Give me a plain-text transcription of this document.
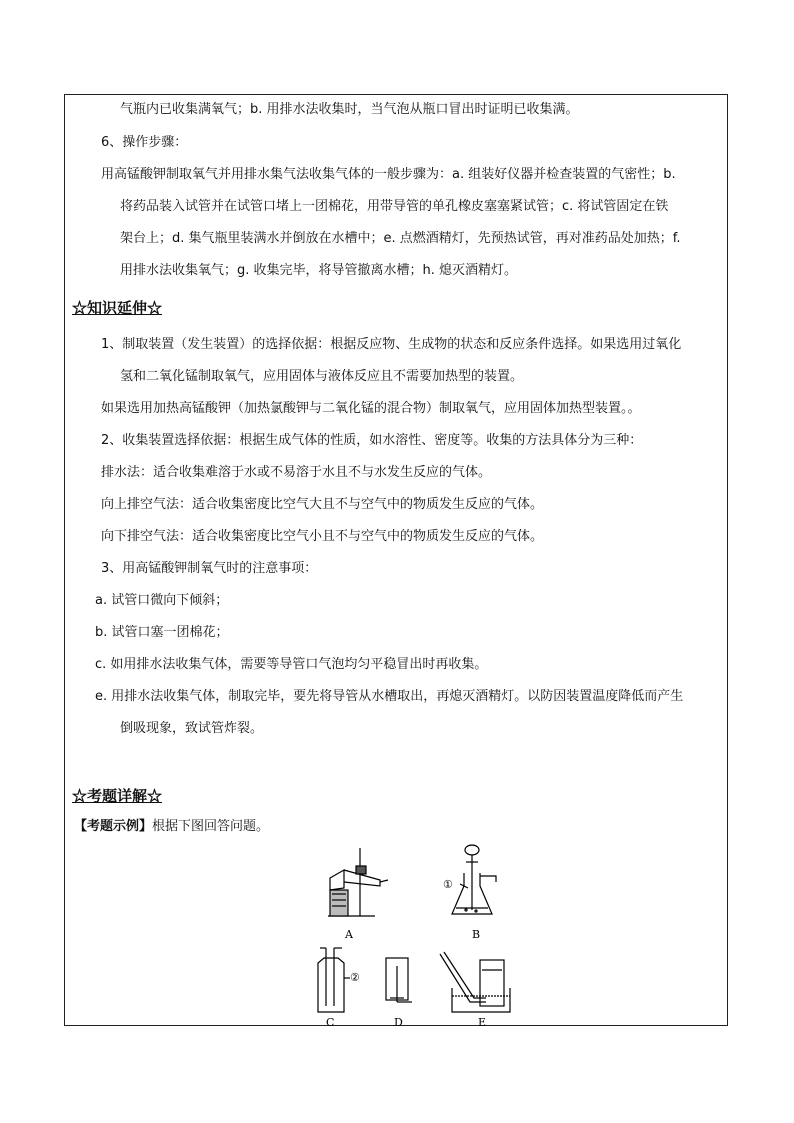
气瓶内已收集满氧气；b. 用排水法收集时，当气泡从瓶口冒出时证明已收集满。
6、操作步骤：
用高锰酸钾制取氧气并用排水集气法收集气体的一般步骤为：a. 组装好仪器并检查装置的气密性；b.
将药品装入试管并在试管口堵上一团棉花，用带导管的单孔橡皮塞塞紧试管；c. 将试管固定在铁
架台上；d. 集气瓶里装满水并倒放在水槽中；e. 点燃酒精灯，先预热试管，再对准药品处加热；f.
用排水法收集氧气；g. 收集完毕，将导管撤离水槽；h. 熄灭酒精灯。
☆知识延伸☆
1、制取装置（发生装置）的选择依据：根据反应物、生成物的状态和反应条件选择。如果选用过氧化
氢和二氧化锰制取氧气，应用固体与液体反应且不需要加热型的装置。
如果选用加热高锰酸钾（加热氯酸钾与二氧化锰的混合物）制取氧气，应用固体加热型装置。。
2、收集装置选择依据：根据生成气体的性质，如水溶性、密度等。收集的方法具体分为三种：
排水法：适合收集难溶于水或不易溶于水且不与水发生反应的气体。
向上排空气法：适合收集密度比空气大且不与空气中的物质发生反应的气体。
向下排空气法：适合收集密度比空气小且不与空气中的物质发生反应的气体。
3、用高锰酸钾制氧气时的注意事项：
a. 试管口微向下倾斜；
b. 试管口塞一团棉花；
c. 如用排水法收集气体，需要等导管口气泡均匀平稳冒出时再收集。
e. 用排水法收集气体，制取完毕，要先将导管从水槽取出，再熄灭酒精灯。以防因装置温度降低而产生
倒吸现象，致试管炸裂。
☆考题详解☆
【考题示例】根据下图回答问题。
A	B
C	D	E
①
②
